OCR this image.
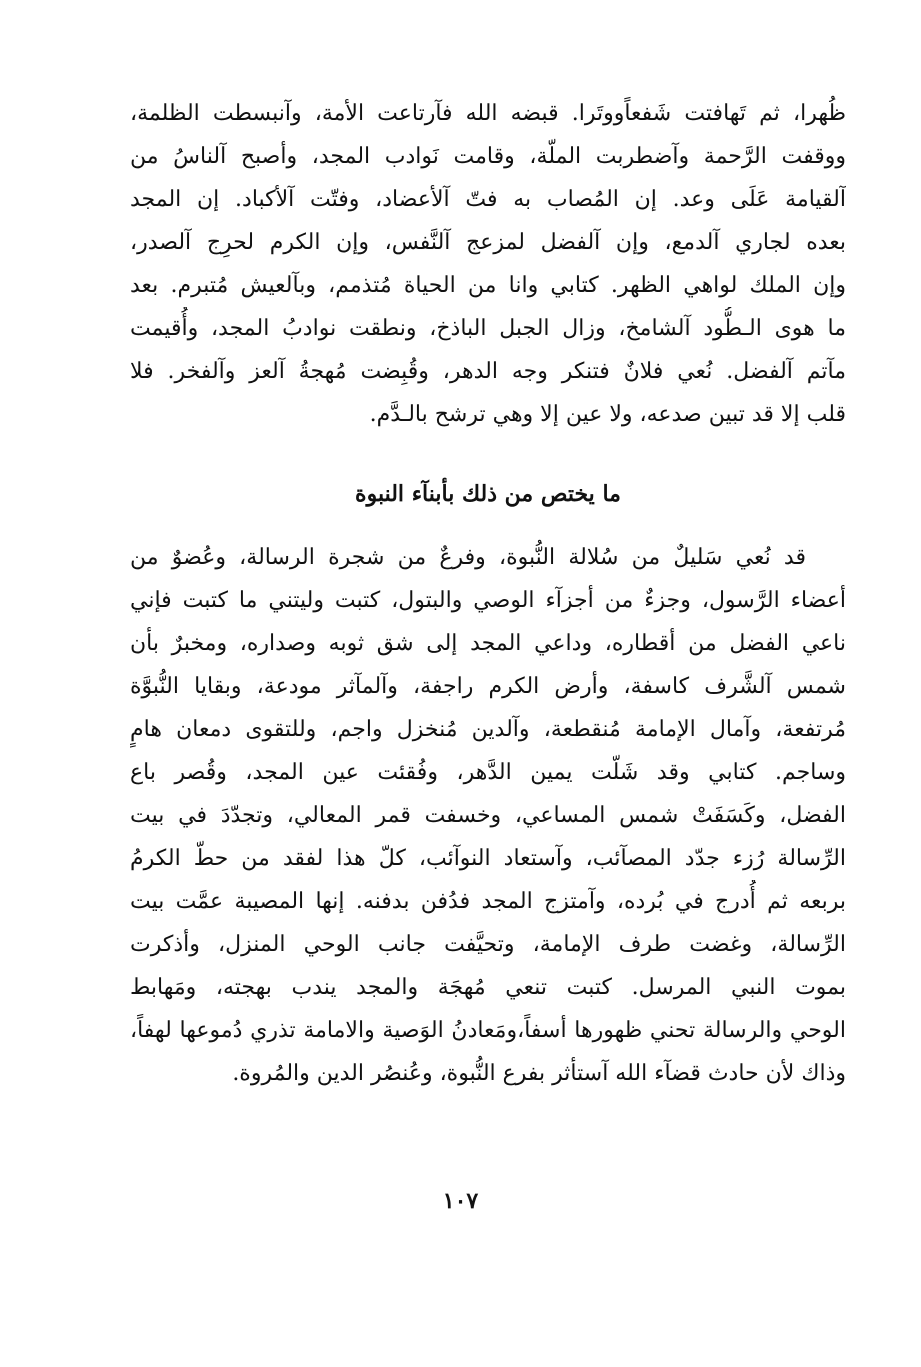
ظُهرا، ثم تَهافتت شَفعاًووتَرا. قبضه الله فآرتاعت الأمة، وآنبسطت الظلمة،
ووقفت الرَّحمة وآضطربت الملّة، وقامت نَوادب المجد، وأصبح آلناسُ من
آلقيامة عَلَى وعد. إن المُصاب به فتّ آلأعضاد، وفتّت آلأكباد. إن المجد
بعده لجاري آلدمع، وإن آلفضل لمزعج آلنَّفس، وإن الكرم لحرِج آلصدر،
وإن الملك لواهي الظهر. كتابي وانا من الحياة مُتذمم، وبآلعيش مُتبرم. بعد
ما هوى الـطُّود آلشامخ، وزال الجبل الباذخ، ونطقت نوادبُ المجد، وأُقيمت
مآتم آلفضل. نُعي فلانٌ فتنكر وجه الدهر، وقُبِضت مُهجةُ آلعز وآلفخر. فلا
قلب إلا قد تبين صدعه، ولا عين إلا وهي ترشح بالـدَّم.
ما يختص من ذلك بأبنآء النبوة
قد نُعي سَليلٌ من سُلالة النُّبوة، وفرعٌ من شجرة الرسالة، وعُضوٌ من
أعضاء الرَّسول، وجزءٌ من أجزآء الوصي والبتول، كتبت وليتني ما كتبت فإني
ناعي الفضل من أقطاره، وداعي المجد إلى شق ثوبه وصداره، ومخبرٌ بأن
شمس آلشَّرف كاسفة، وأرض الكرم راجفة، وآلمآثر مودعة، وبقايا النُّبوَّة
مُرتفعة، وآمال الإمامة مُنقطعة، وآلدين مُنخزل واجم، وللتقوى دمعان هامٍ
وساجم. كتابي وقد شَلّت يمين الدَّهر، وفُقئت عين المجد، وقُصر باع
الفضل، وكَسَفَتْ شمس المساعي، وخسفت قمر المعالي، وتجدّدَ في بيت
الرِّسالة رُزء جدّد المصآئب، وآستعاد النوآئب، كلّ هذا لفقد من حطّ الكرمُ
بربعه ثم أُدرج في بُرده، وآمتزج المجد فدُفن بدفنه. إنها المصيبة عمَّت بيت
الرِّسالة، وغضت طرف الإمامة، وتحيَّفت جانب الوحي المنزل، وأذكرت
بموت النبي المرسل. كتبت تنعي مُهجَة والمجد يندب بهجته، ومَهابط
الوحي والرسالة تحني ظهورها أسفاً،ومَعادنُ الوَصية والامامة تذري دُموعها لهفاً،
وذاك لأن حادث قضآء الله آستأثر بفرع النُّبوة، وعُنصُر الدين والمُروة.
١٠٧
